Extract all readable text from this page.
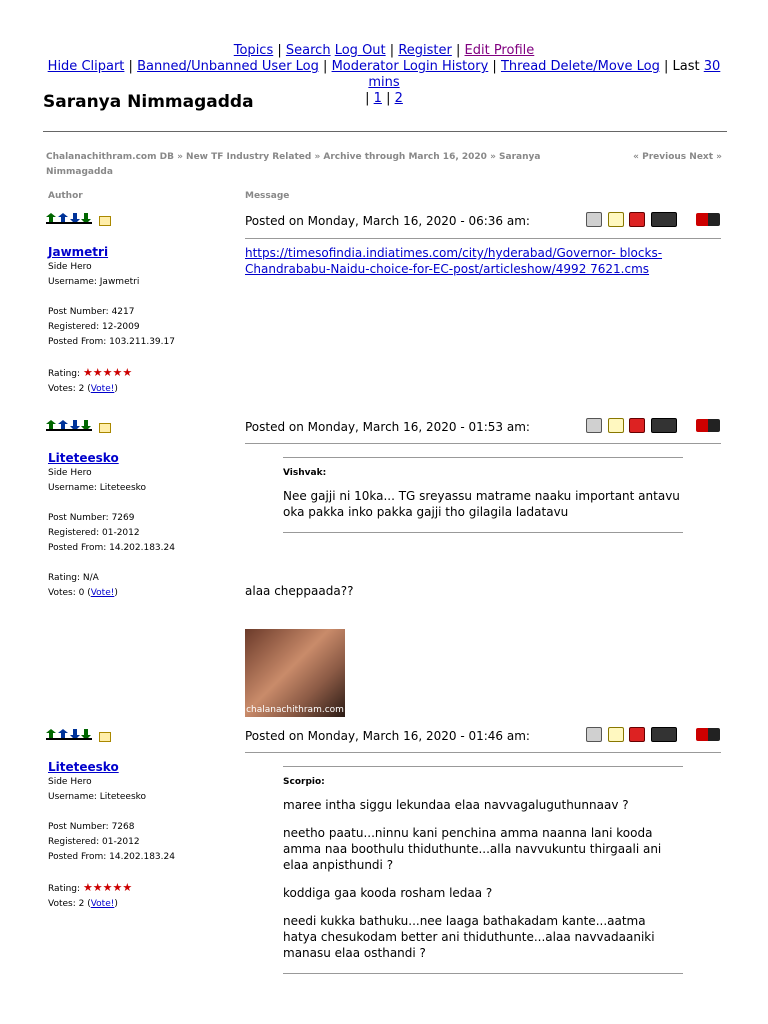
Topics | Search Log Out | Register | Edit Profile
Hide Clipart | Banned/Unbanned User Log | Moderator Login History | Thread Delete/Move Log | Last 30 mins
| 1 | 2
Saranya Nimmagadda
Chalanachithram.com DB » New TF Industry Related » Archive through March 16, 2020 » Saranya Nimmagadda
« Previous Next »
Author	Message
Jawmetri
Side Hero
Username: Jawmetri
Post Number: 4217
Registered: 12-2009
Posted From: 103.211.39.17
Rating: ★★★★★
Votes: 2 (Vote!)
Posted on Monday, March 16, 2020 - 06:36 am:

https://timesofindia.indiatimes.com/city/hyderabad/Governor- blocks-Chandrababu-Naidu-choice-for-EC-post/articleshow/4992 7621.cms
Liteteesko
Side Hero
Username: Liteteesko
Post Number: 7269
Registered: 01-2012
Posted From: 14.202.183.24
Rating: N/A
Votes: 0 (Vote!)
Posted on Monday, March 16, 2020 - 01:53 am:

Vishvak:

Nee gajji ni 10ka... TG sreyassu matrame naaku important antavu oka pakka inko pakka gajji tho gilagila ladatavu

alaa cheppaada??
chalanachithram.com
Liteteesko
Side Hero
Username: Liteteesko
Post Number: 7268
Registered: 01-2012
Posted From: 14.202.183.24
Rating: ★★★★★
Votes: 2 (Vote!)
Posted on Monday, March 16, 2020 - 01:46 am:

Scorpio:

maree intha siggu lekundaa elaa navvagaluguthunnaav ?

neetho paatu...ninnu kani penchina amma naanna lani kooda amma naa boothulu thiduthunte...alla navvukuntu thirgaali ani elaa anpisthundi ?

koddiga gaa kooda rosham ledaa ?

needi kukka bathuku...nee laaga bathakadam kante...aatma hatya chesukodam better ani thiduthunte...alaa navvadaaniki manasu elaa osthandi ?
